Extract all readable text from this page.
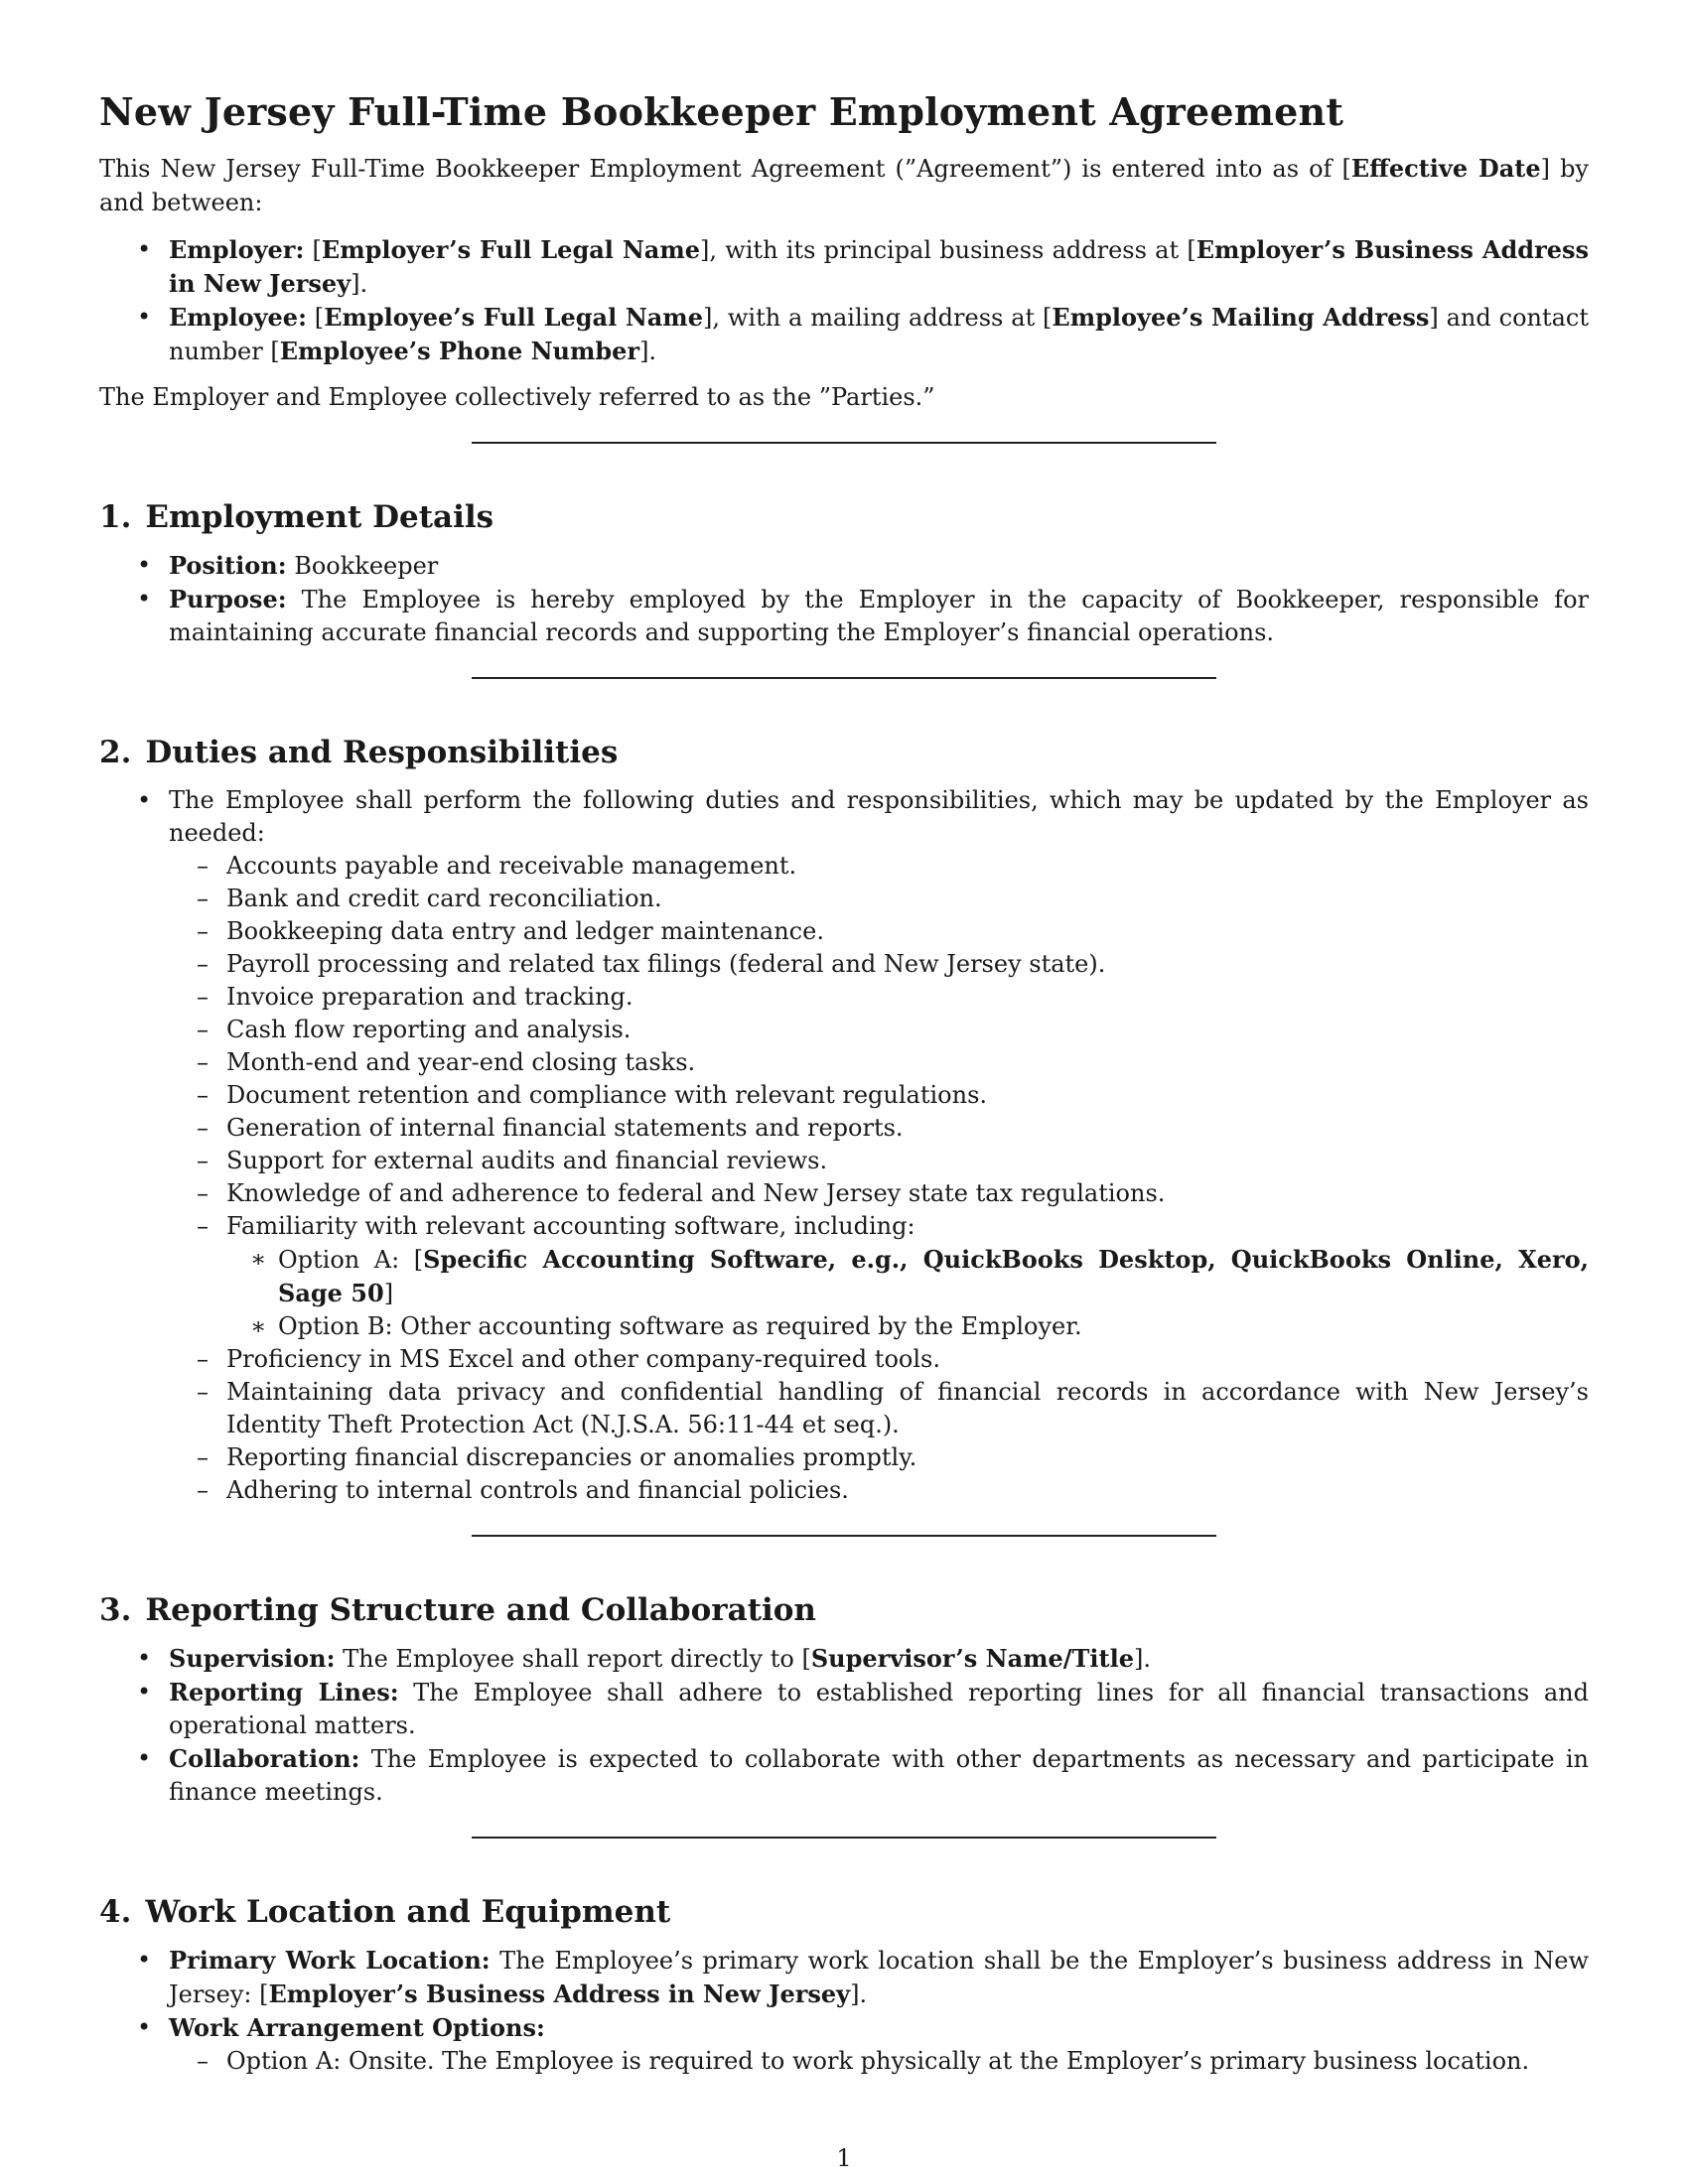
New Jersey Full-Time Bookkeeper Employment Agreement

This New Jersey Full-Time Bookkeeper Employment Agreement (”Agreement”) is entered into as of [Effective Date] by and between:

• Employer: [Employer’s Full Legal Name], with its principal business address at [Employer’s Business Address in New Jersey].
• Employee: [Employee’s Full Legal Name], with a mailing address at [Employee’s Mailing Address] and contact number [Employee’s Phone Number].

The Employer and Employee collectively referred to as the ”Parties.”

1. Employment Details
• Position: Bookkeeper
• Purpose: The Employee is hereby employed by the Employer in the capacity of Bookkeeper, responsible for maintaining accurate financial records and supporting the Employer’s financial operations.
2. Duties and Responsibilities
• The Employee shall perform the following duties and responsibilities, which may be updated by the Employer as needed:
– Accounts payable and receivable management.
– Bank and credit card reconciliation.
– Bookkeeping data entry and ledger maintenance.
– Payroll processing and related tax filings (federal and New Jersey state).
– Invoice preparation and tracking.
– Cash flow reporting and analysis.
– Month-end and year-end closing tasks.
– Document retention and compliance with relevant regulations.
– Generation of internal financial statements and reports.
– Support for external audits and financial reviews.
– Knowledge of and adherence to federal and New Jersey state tax regulations.
– Familiarity with relevant accounting software, including:
∗ Option A: [Specific Accounting Software, e.g., QuickBooks Desktop, QuickBooks Online, Xero, Sage 50]
∗ Option B: Other accounting software as required by the Employer.
– Proficiency in MS Excel and other company-required tools.
– Maintaining data privacy and confidential handling of financial records in accordance with New Jersey’s Identity Theft Protection Act (N.J.S.A. 56:11-44 et seq.).
– Reporting financial discrepancies or anomalies promptly.
– Adhering to internal controls and financial policies.
3. Reporting Structure and Collaboration
• Supervision: The Employee shall report directly to [Supervisor’s Name/Title].
• Reporting Lines: The Employee shall adhere to established reporting lines for all financial transactions and operational matters.
• Collaboration: The Employee is expected to collaborate with other departments as necessary and participate in finance meetings.
4. Work Location and Equipment
• Primary Work Location: The Employee’s primary work location shall be the Employer’s business address in New Jersey: [Employer’s Business Address in New Jersey].
• Work Arrangement Options:
– Option A: Onsite. The Employee is required to work physically at the Employer’s primary business location.
1
